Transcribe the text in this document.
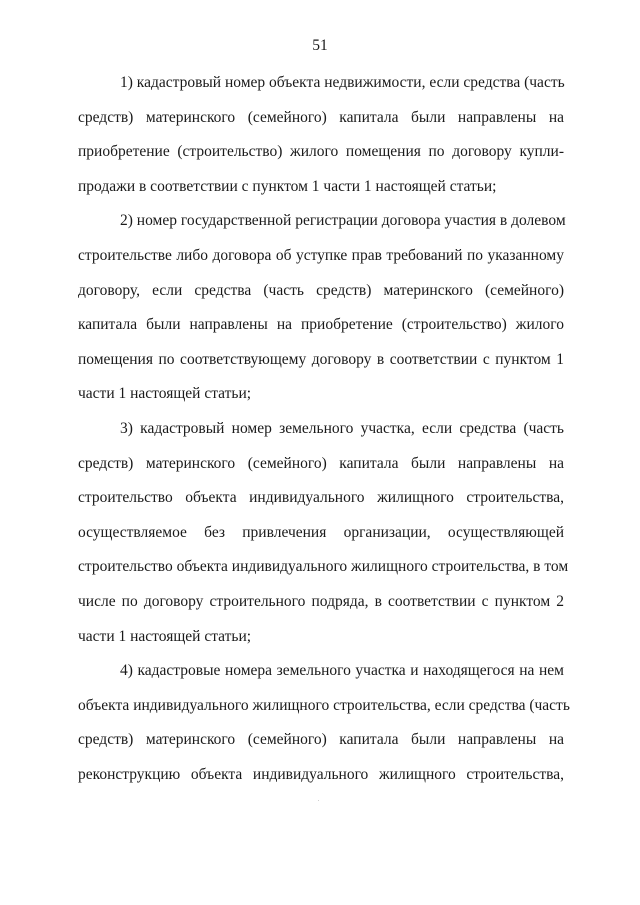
51

1) кадастровый номер объекта недвижимости, если средства (часть
средств) материнского (семейного) капитала были направлены на
приобретение (строительство) жилого помещения по договору купли-
продажи в соответствии с пунктом 1 части 1 настоящей статьи;

2) номер государственной регистрации договора участия в долевом
строительстве либо договора об уступке прав требований по указанному
договору, если средства (часть средств) материнского (семейного)
капитала были направлены на приобретение (строительство) жилого
помещения по соответствующему договору в соответствии с пунктом 1
части 1 настоящей статьи;

3) кадастровый номер земельного участка, если средства (часть
средств) материнского (семейного) капитала были направлены на
строительство объекта индивидуального жилищного строительства,
осуществляемое без привлечения организации, осуществляющей
строительство объекта индивидуального жилищного строительства, в том
числе по договору строительного подряда, в соответствии с пунктом 2
части 1 настоящей статьи;

4) кадастровые номера земельного участка и находящегося на нем
объекта индивидуального жилищного строительства, если средства (часть
средств) материнского (семейного) капитала были направлены на
реконструкцию объекта индивидуального жилищного строительства,
